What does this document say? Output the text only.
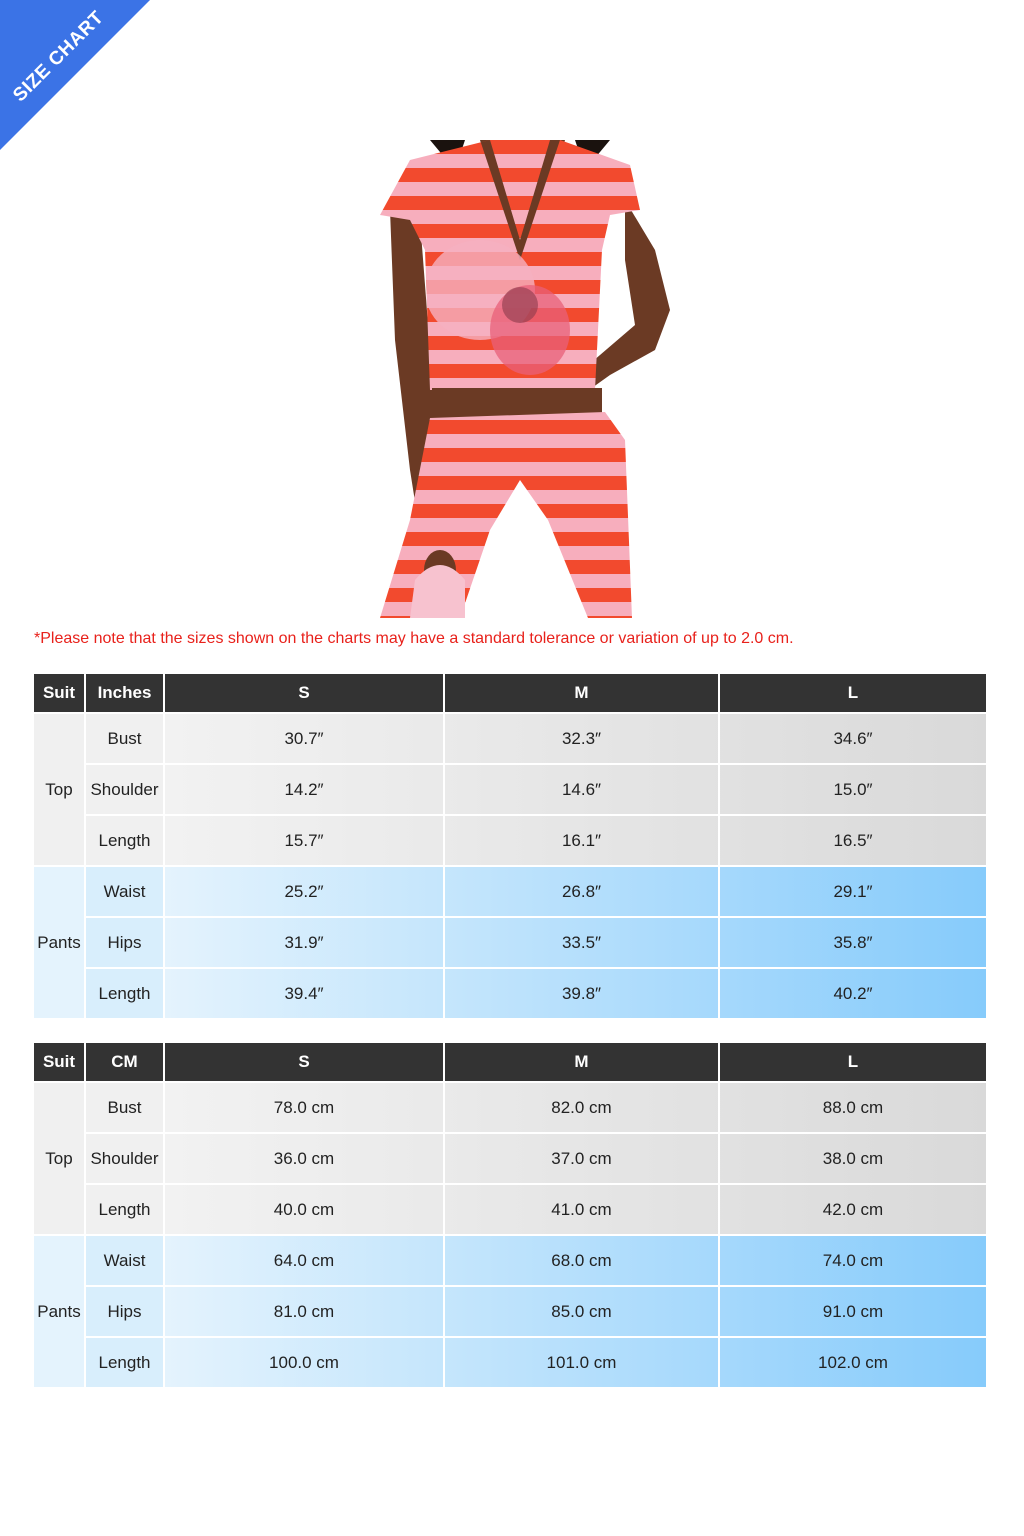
SIZE CHART
*Please note that the sizes shown on the charts may have a standard tolerance or variation of up to 2.0 cm.
Suit	Inches	S	M	L
Top	Bust	30.7″	32.3″	34.6″
	Shoulder	14.2″	14.6″	15.0″
	Length	15.7″	16.1″	16.5″
Pants	Waist	25.2″	26.8″	29.1″
	Hips	31.9″	33.5″	35.8″
	Length	39.4″	39.8″	40.2″
Suit	CM	S	M	L
Top	Bust	78.0 cm	82.0 cm	88.0 cm
	Shoulder	36.0 cm	37.0 cm	38.0 cm
	Length	40.0 cm	41.0 cm	42.0 cm
Pants	Waist	64.0 cm	68.0 cm	74.0 cm
	Hips	81.0 cm	85.0 cm	91.0 cm
	Length	100.0 cm	101.0 cm	102.0 cm
